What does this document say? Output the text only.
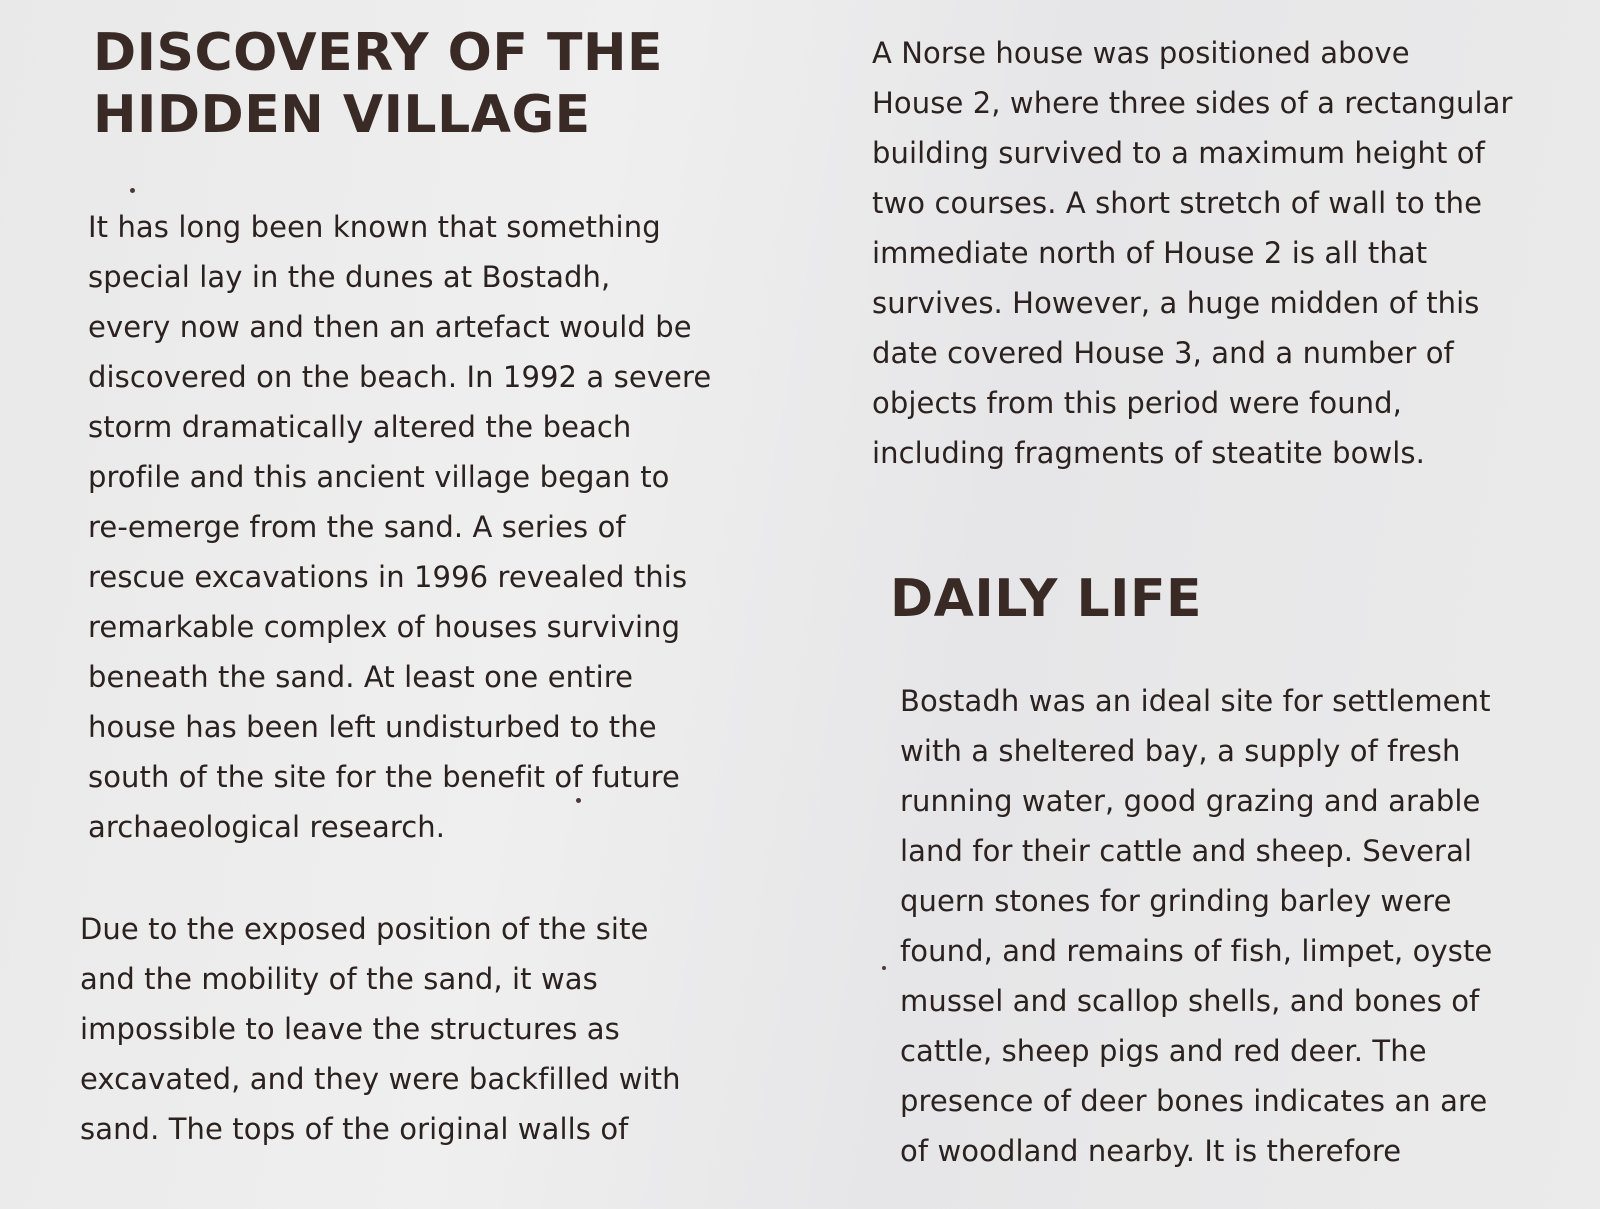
DISCOVERY OF THE
HIDDEN VILLAGE

It has long been known that something
special lay in the dunes at Bostadh,
every now and then an artefact would be
discovered on the beach. In 1992 a severe
storm dramatically altered the beach
profile and this ancient village began to
re-emerge from the sand. A series of
rescue excavations in 1996 revealed this
remarkable complex of houses surviving
beneath the sand. At least one entire
house has been left undisturbed to the
south of the site for the benefit of future
archaeological research.

Due to the exposed position of the site
and the mobility of the sand, it was
impossible to leave the structures as
excavated, and they were backfilled with
sand. The tops of the original walls of

A Norse house was positioned above
House 2, where three sides of a rectangular
building survived to a maximum height of
two courses. A short stretch of wall to the
immediate north of House 2 is all that
survives. However, a huge midden of this
date covered House 3, and a number of
objects from this period were found,
including fragments of steatite bowls.

DAILY LIFE

Bostadh was an ideal site for settlement
with a sheltered bay, a supply of fresh
running water, good grazing and arable
land for their cattle and sheep. Several
quern stones for grinding barley were
found, and remains of fish, limpet, oyste
mussel and scallop shells, and bones of
cattle, sheep pigs and red deer. The
presence of deer bones indicates an are
of woodland nearby. It is therefore
